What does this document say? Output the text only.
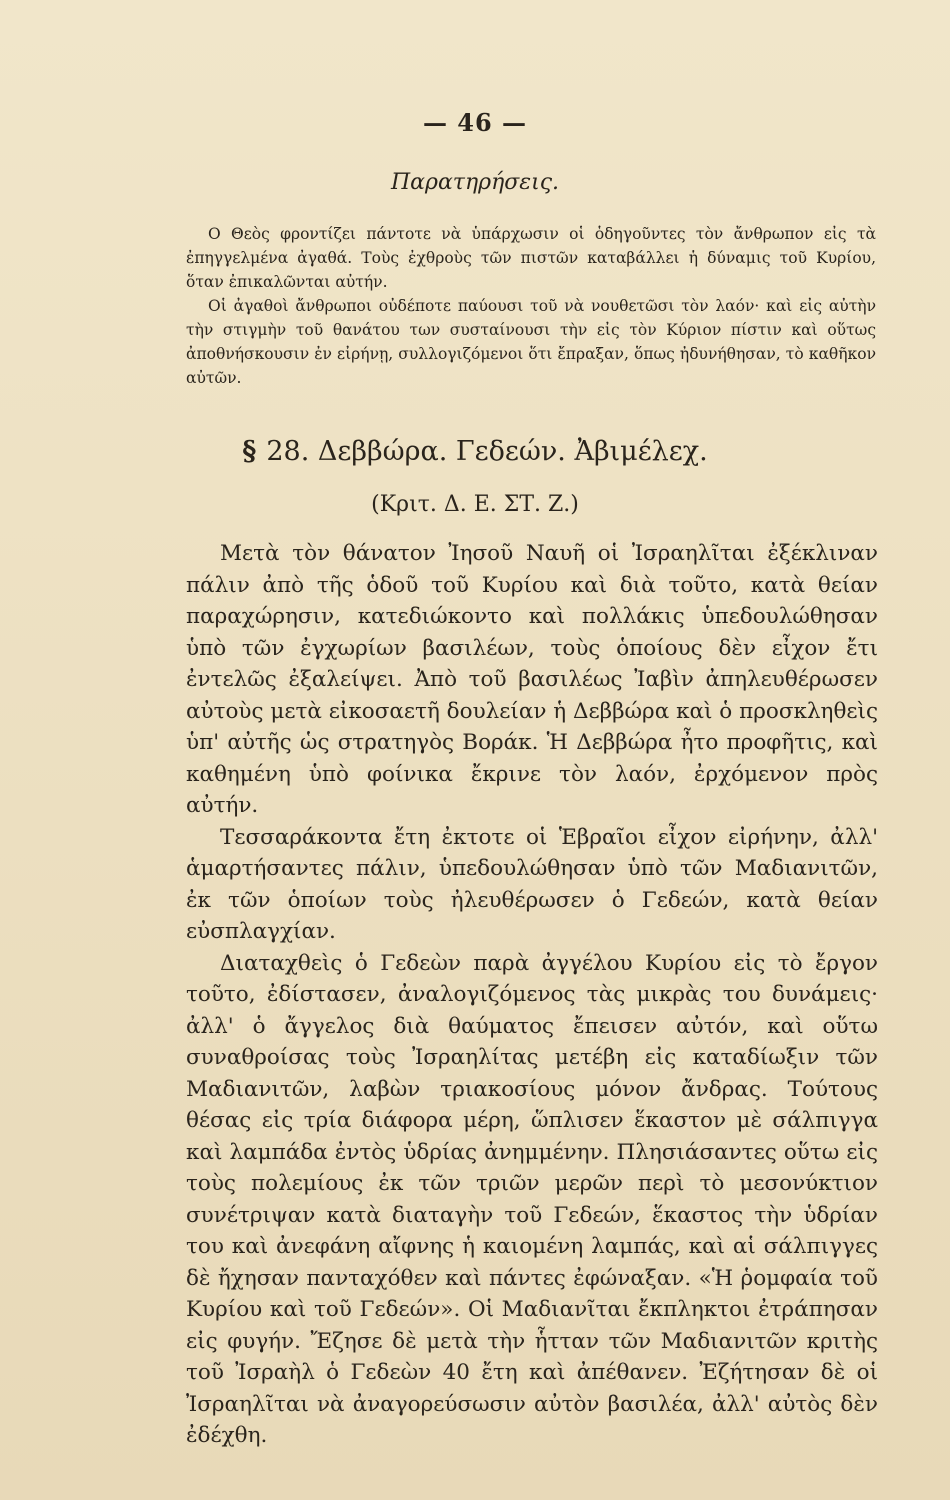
— 46 —
Παρατηρήσεις.

Ο Θεὸς φροντίζει πάντοτε νὰ ὑπάρχωσιν οἱ ὁδηγοῦντες τὸν ἄνθρωπον εἰς τὰ ἐπηγγελμένα ἀγαθά. Τοὺς ἐχθροὺς τῶν πιστῶν καταβάλλει ἡ δύναμις τοῦ Κυρίου, ὅταν ἐπικαλῶνται αὐτήν.

Οἱ ἀγαθοὶ ἄνθρωποι οὐδέποτε παύουσι τοῦ νὰ νουθετῶσι τὸν λαόν· καὶ εἰς αὐτὴν τὴν στιγμὴν τοῦ θανάτου των συσταίνουσι τὴν εἰς τὸν Κύριον πίστιν καὶ οὕτως ἀποθνήσκουσιν ἐν εἰρήνῃ, συλλογιζόμενοι ὅτι ἔπραξαν, ὅπως ἠδυνήθησαν, τὸ καθῆκον αὐτῶν.

§ 28. Δεββώρα. Γεδεών. Ἀβιμέλεχ.
(Κριτ. Δ. Ε. ΣΤ. Ζ.)

Μετὰ τὸν θάνατον Ἰησοῦ Ναυῆ οἱ Ἰσραηλῖται ἐξέκλιναν πάλιν ἀπὸ τῆς ὁδοῦ τοῦ Κυρίου καὶ διὰ τοῦτο, κατὰ θείαν παραχώρησιν, κατεδιώκοντο καὶ πολλάκις ὑπεδουλώθησαν ὑπὸ τῶν ἐγχωρίων βασιλέων, τοὺς ὁποίους δὲν εἶχον ἔτι ἐντελῶς ἐξαλείψει. Ἀπὸ τοῦ βασιλέως Ἰαβὶν ἀπηλευθέρωσεν αὐτοὺς μετὰ εἰκοσαετῆ δουλείαν ἡ Δεββώρα καὶ ὁ προσκληθεὶς ὑπ' αὐτῆς ὡς στρατηγὸς Βοράκ. Ἡ Δεββώρα ἦτο προφῆτις, καὶ καθημένη ὑπὸ φοίνικα ἔκρινε τὸν λαόν, ἐρχόμενον πρὸς αὐτήν.

Τεσσαράκοντα ἔτη ἐκτοτε οἱ Ἑβραῖοι εἶχον εἰρήνην, ἀλλ' ἁμαρτήσαντες πάλιν, ὑπεδουλώθησαν ὑπὸ τῶν Μαδιανιτῶν, ἐκ τῶν ὁποίων τοὺς ἠλευθέρωσεν ὁ Γεδεών, κατὰ θείαν εὐσπλαγχίαν.

Διαταχθεὶς ὁ Γεδεὼν παρὰ ἀγγέλου Κυρίου εἰς τὸ ἔργον τοῦτο, ἐδίστασεν, ἀναλογιζόμενος τὰς μικρὰς του δυνάμεις· ἀλλ' ὁ ἄγγελος διὰ θαύματος ἔπεισεν αὐτόν, καὶ οὕτω συναθροίσας τοὺς Ἰσραηλίτας μετέβη εἰς καταδίωξιν τῶν Μαδιανιτῶν, λαβὼν τριακοσίους μόνον ἄνδρας. Τούτους θέσας εἰς τρία διάφορα μέρη, ὥπλισεν ἕκαστον μὲ σάλπιγγα καὶ λαμπάδα ἐντὸς ὑδρίας ἀνημμένην. Πλησιάσαντες οὕτω εἰς τοὺς πολεμίους ἐκ τῶν τριῶν μερῶν περὶ τὸ μεσονύκτιον συνέτριψαν κατὰ διαταγὴν τοῦ Γεδεών, ἕκαστος τὴν ὑδρίαν του καὶ ἀνεφάνη αἴφνης ἡ καιομένη λαμπάς, καὶ αἱ σάλπιγγες δὲ ἤχησαν πανταχόθεν καὶ πάντες ἐφώναξαν. «Ἡ ῥομφαία τοῦ Κυρίου καὶ τοῦ Γεδεών». Οἱ Μαδιανῖται ἔκπληκτοι ἐτράπησαν εἰς φυγήν. Ἔζησε δὲ μετὰ τὴν ἧτταν τῶν Μαδιανιτῶν κριτὴς τοῦ Ἰσραὴλ ὁ Γεδεὼν 40 ἔτη καὶ ἀπέθανεν. Ἐζήτησαν δὲ οἱ Ἰσραηλῖται νὰ ἀναγορεύσωσιν αὐτὸν βασιλέα, ἀλλ' αὐτὸς δὲν ἐδέχθη.
